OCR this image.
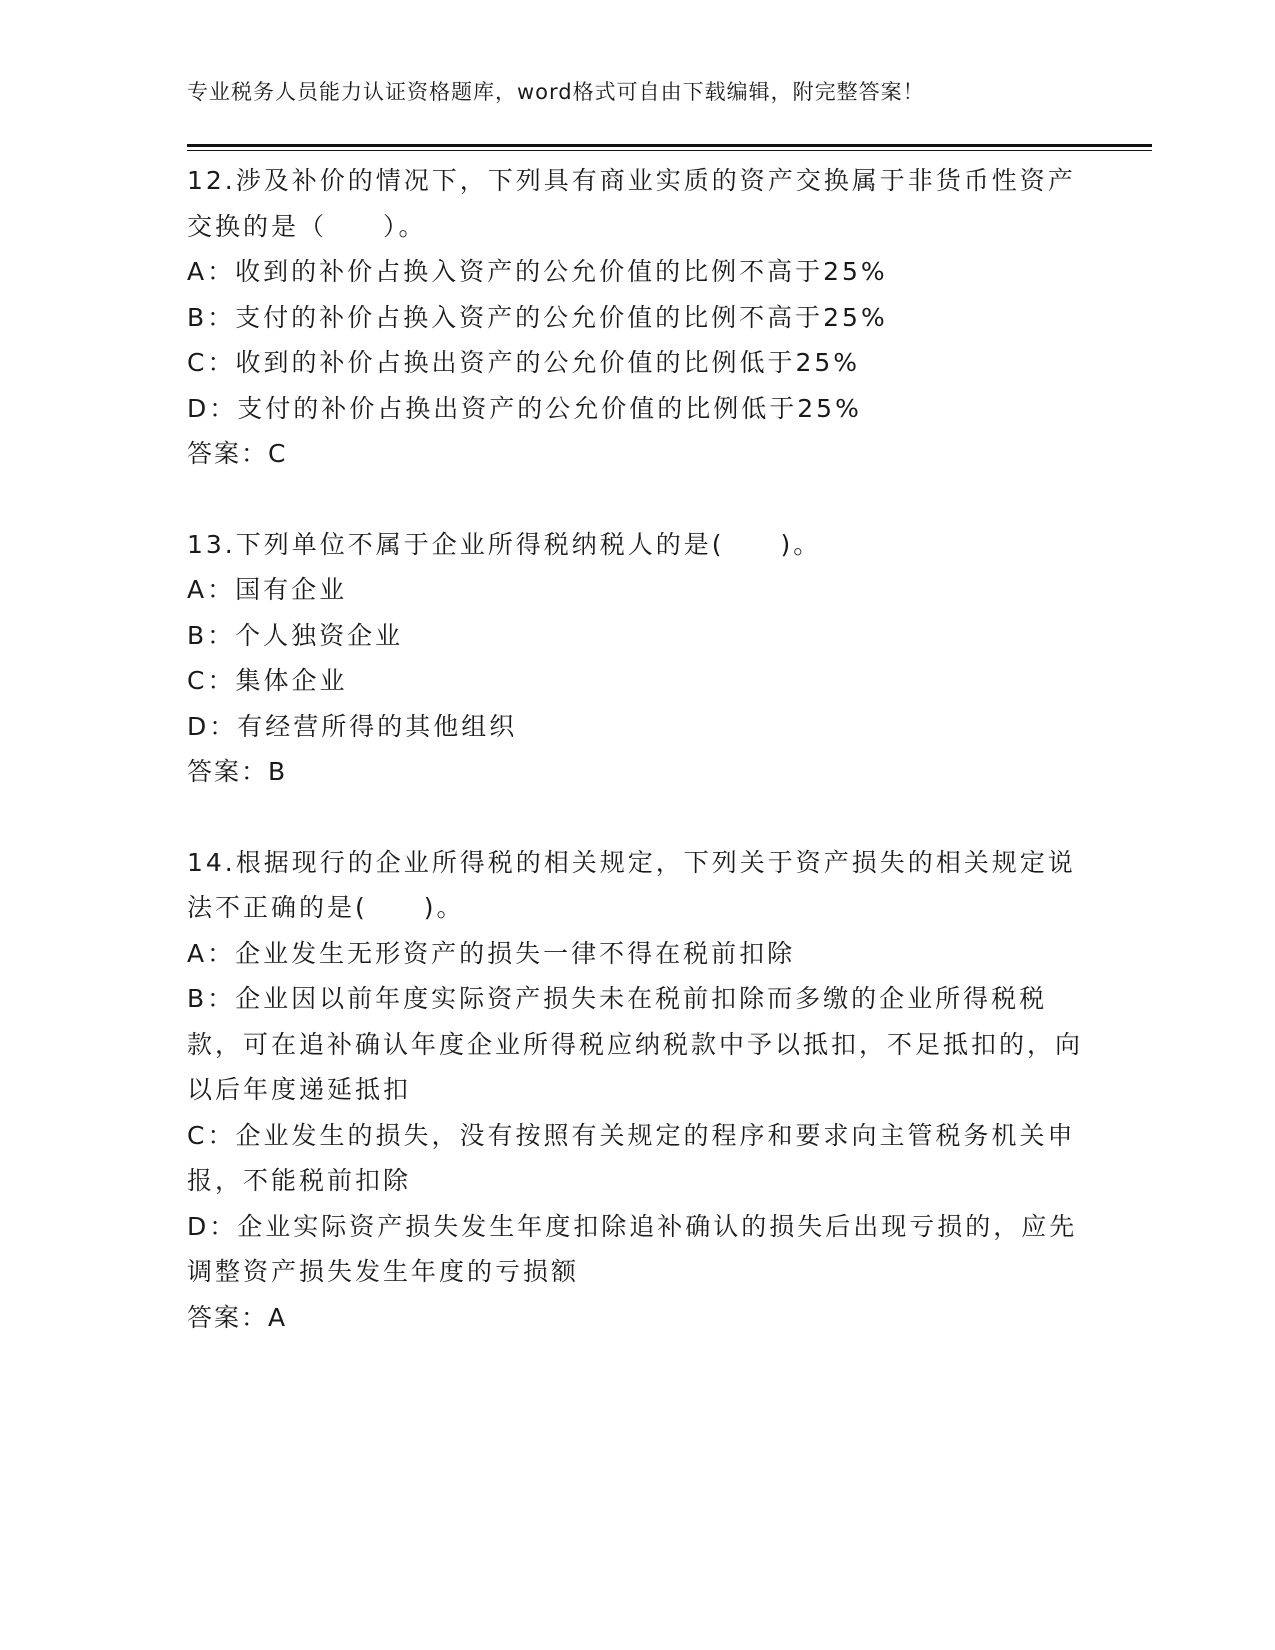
专业税务人员能力认证资格题库，word格式可自由下载编辑，附完整答案！
12.涉及补价的情况下，下列具有商业实质的资产交换属于非货币性资产交换的是（　　）。
A：收到的补价占换入资产的公允价值的比例不高于25%
B：支付的补价占换入资产的公允价值的比例不高于25%
C：收到的补价占换出资产的公允价值的比例低于25%
D：支付的补价占换出资产的公允价值的比例低于25%
答案：C
13.下列单位不属于企业所得税纳税人的是(　　)。
A：国有企业
B：个人独资企业
C：集体企业
D：有经营所得的其他组织
答案：B
14.根据现行的企业所得税的相关规定，下列关于资产损失的相关规定说法不正确的是(　　)。
A：企业发生无形资产的损失一律不得在税前扣除
B：企业因以前年度实际资产损失未在税前扣除而多缴的企业所得税税款，可在追补确认年度企业所得税应纳税款中予以抵扣，不足抵扣的，向以后年度递延抵扣
C：企业发生的损失，没有按照有关规定的程序和要求向主管税务机关申报，不能税前扣除
D：企业实际资产损失发生年度扣除追补确认的损失后出现亏损的，应先调整资产损失发生年度的亏损额
答案：A
